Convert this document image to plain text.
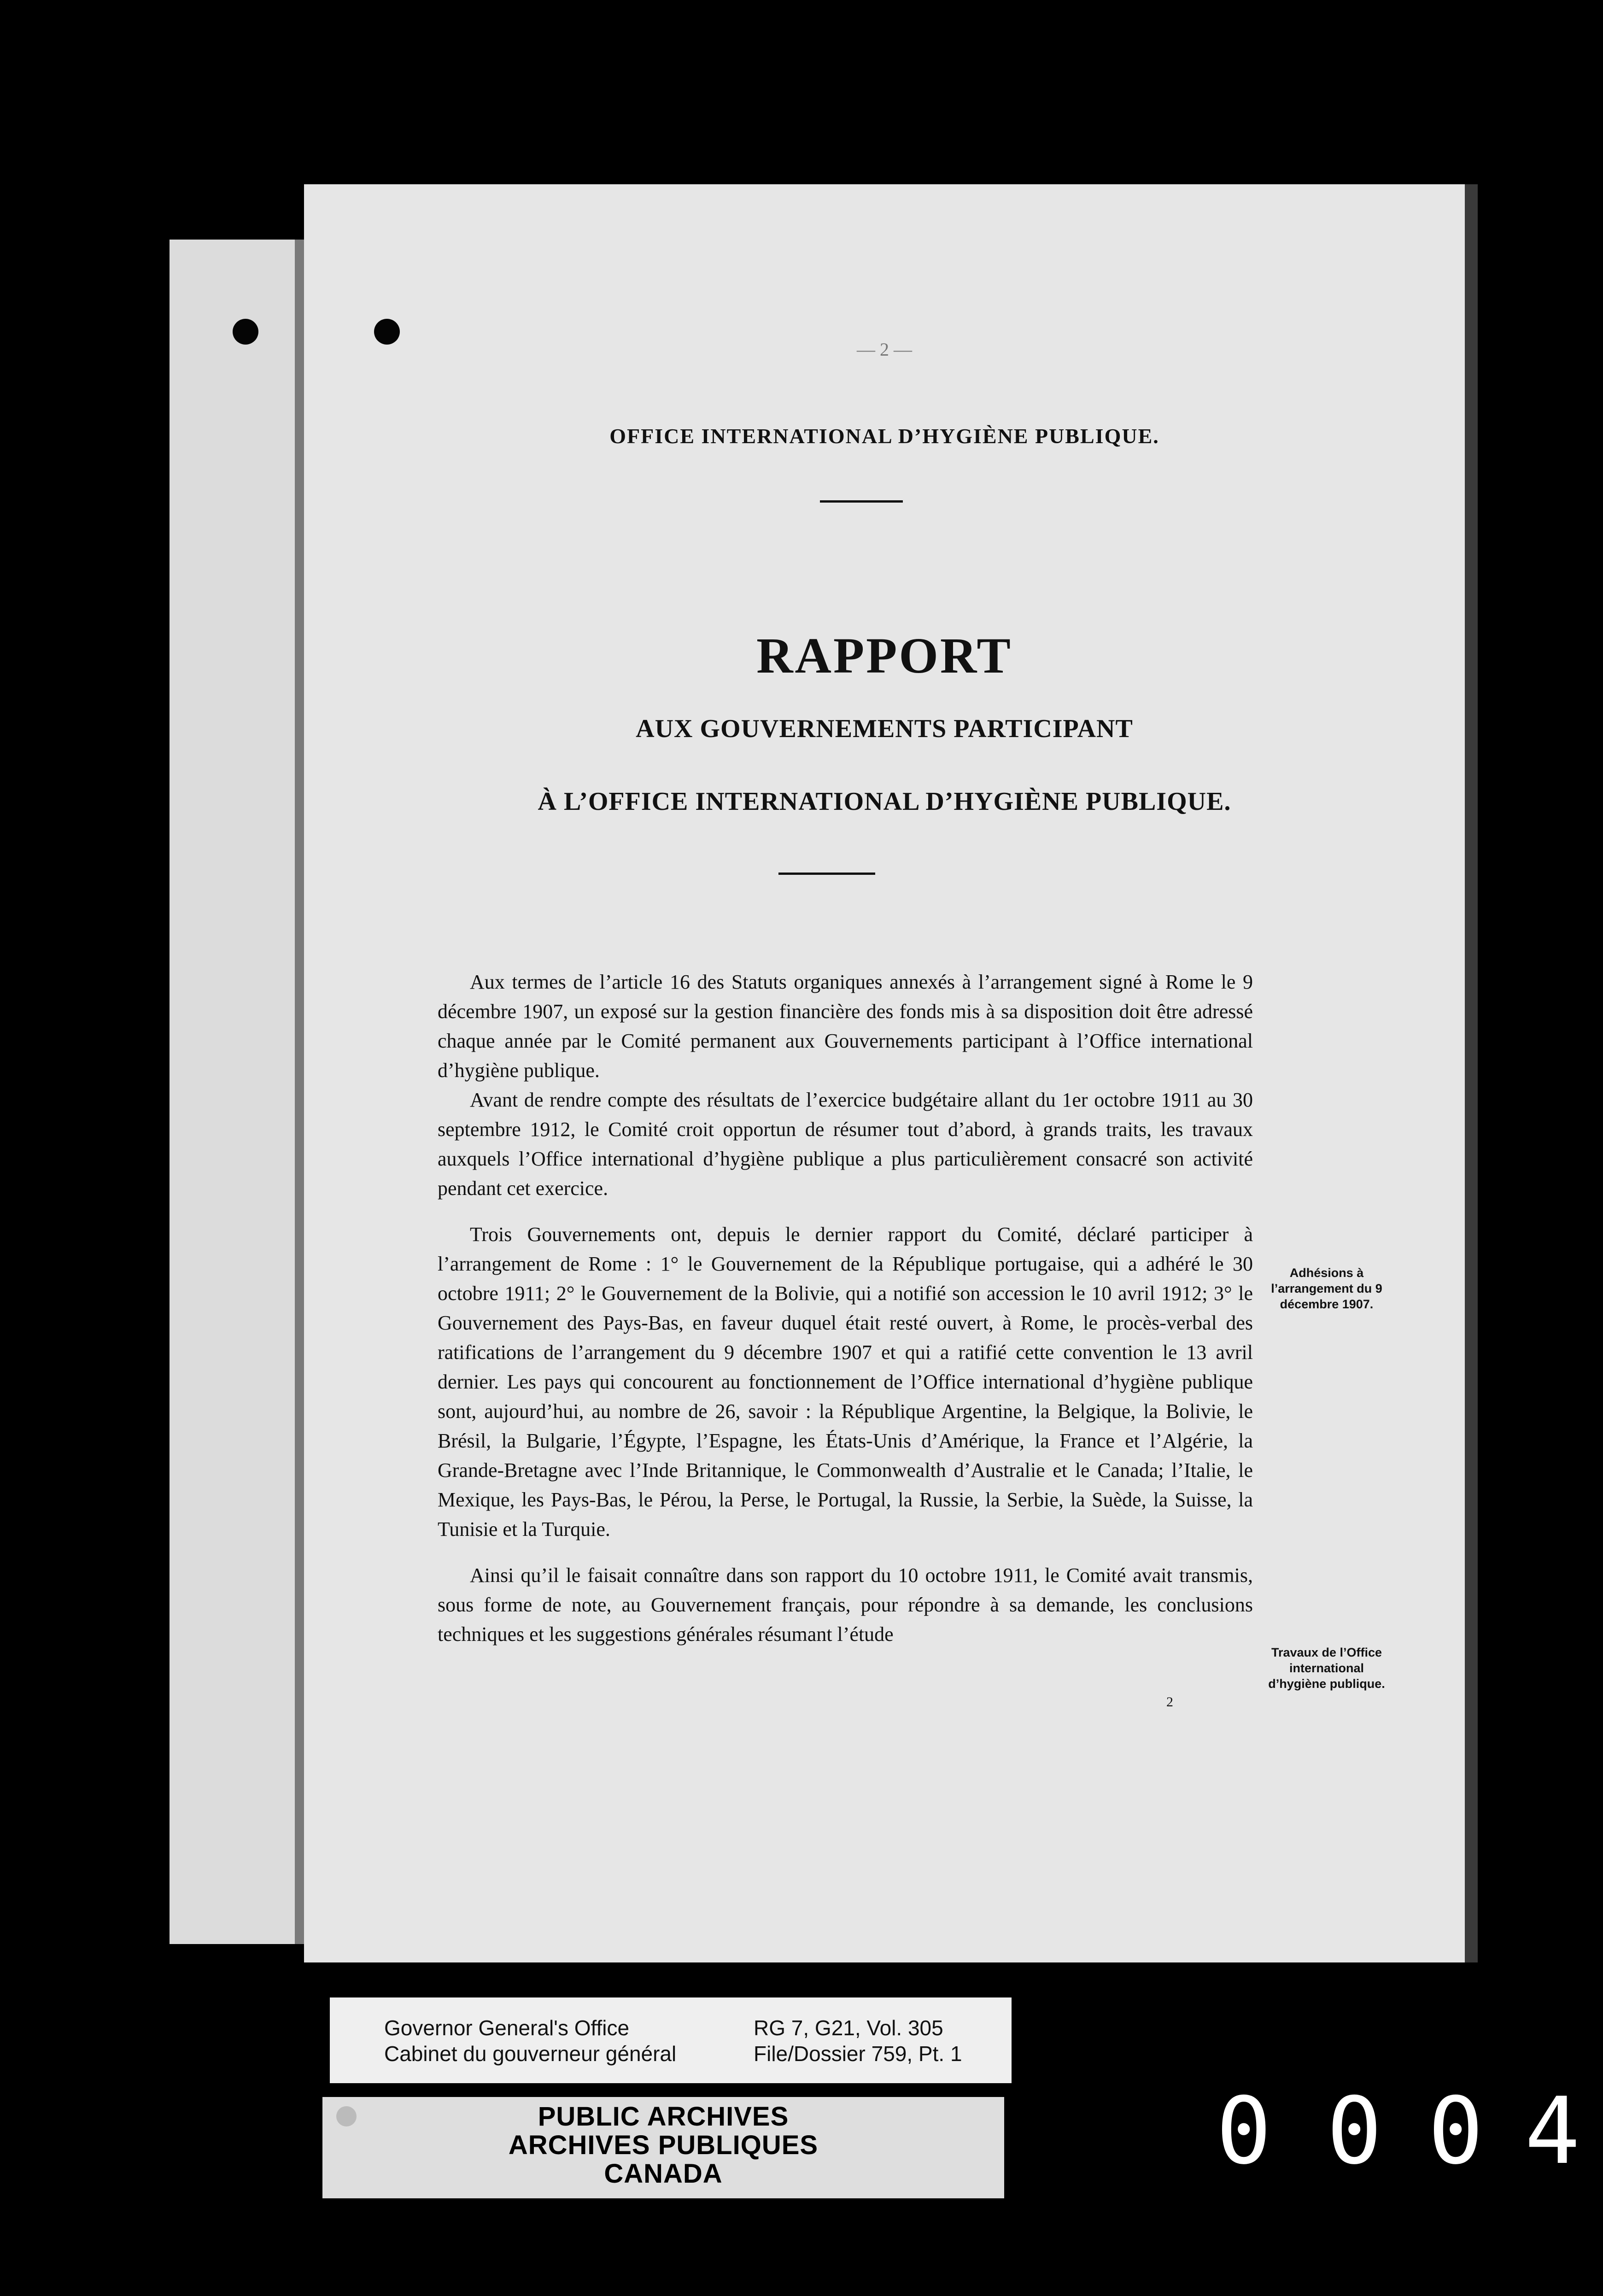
— 2 —
OFFICE INTERNATIONAL D’HYGIÈNE PUBLIQUE.
RAPPORT
AUX GOUVERNEMENTS PARTICIPANT
À L’OFFICE INTERNATIONAL D’HYGIÈNE PUBLIQUE.

Aux termes de l’article 16 des Statuts organiques annexés à l’arrangement signé à Rome le 9 décembre 1907, un exposé sur la gestion financière des fonds mis à sa disposition doit être adressé chaque année par le Comité permanent aux Gouvernements participant à l’Office international d’hygiène publique.

Avant de rendre compte des résultats de l’exercice budgétaire allant du 1er octobre 1911 au 30 septembre 1912, le Comité croit opportun de résumer tout d’abord, à grands traits, les travaux auxquels l’Office international d’hygiène publique a plus particulièrement consacré son activité pendant cet exercice.

Trois Gouvernements ont, depuis le dernier rapport du Comité, déclaré participer à l’arrangement de Rome : 1° le Gouvernement de la République portugaise, qui a adhéré le 30 octobre 1911; 2° le Gouvernement de la Bolivie, qui a notifié son accession le 10 avril 1912; 3° le Gouvernement des Pays-Bas, en faveur duquel était resté ouvert, à Rome, le procès-verbal des ratifications de l’arrangement du 9 décembre 1907 et qui a ratifié cette convention le 13 avril dernier. Les pays qui concourent au fonctionnement de l’Office international d’hygiène publique sont, aujourd’hui, au nombre de 26, savoir : la République Argentine, la Belgique, la Bolivie, le Brésil, la Bulgarie, l’Égypte, l’Espagne, les États-Unis d’Amérique, la France et l’Algérie, la Grande-Bretagne avec l’Inde Britannique, le Commonwealth d’Australie et le Canada; l’Italie, le Mexique, les Pays-Bas, le Pérou, la Perse, le Portugal, la Russie, la Serbie, la Suède, la Suisse, la Tunisie et la Turquie.

Ainsi qu’il le faisait connaître dans son rapport du 10 octobre 1911, le Comité avait transmis, sous forme de note, au Gouvernement français, pour répondre à sa demande, les conclusions techniques et les suggestions générales résumant l’étude

Adhésions à l’arrangement du 9 décembre 1907.
Travaux de l’Office international d’hygiène publique.
2
Governor General's Office
Cabinet du gouverneur général
RG 7, G21, Vol. 305
File/Dossier 759, Pt. 1
PUBLIC ARCHIVES
ARCHIVES PUBLIQUES
CANADA	0 0 0 4
